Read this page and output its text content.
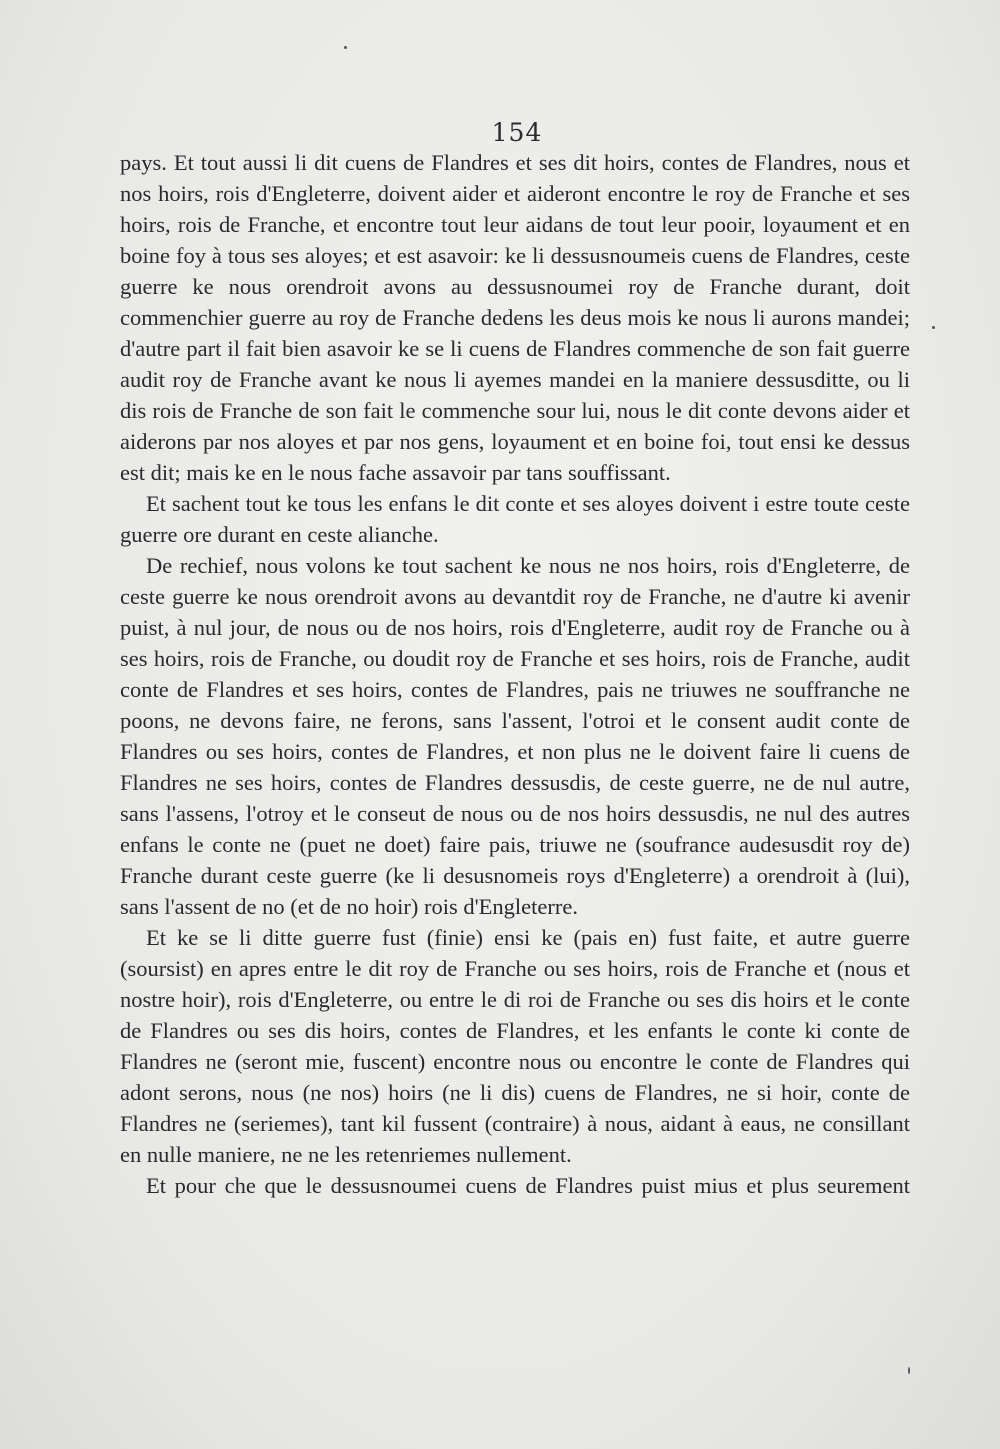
154

pays. Et tout aussi li dit cuens de Flandres et ses dit hoirs, contes de Flandres, nous et nos hoirs, rois d'Engleterre, doivent aider et aideront encontre le roy de Franche et ses hoirs, rois de Franche, et encontre tout leur aidans de tout leur pooir, loyaument et en boine foy à tous ses aloyes; et est asavoir: ke li dessusnoumeis cuens de Flandres, ceste guerre ke nous orendroit avons au dessusnoumei roy de Franche durant, doit commenchier guerre au roy de Franche dedens les deus mois ke nous li aurons mandei; d'autre part il fait bien asavoir ke se li cuens de Flandres commenche de son fait guerre audit roy de Franche avant ke nous li ayemes mandei en la maniere dessusditte, ou li dis rois de Franche de son fait le commenche sour lui, nous le dit conte devons aider et aiderons par nos aloyes et par nos gens, loyaument et en boine foi, tout ensi ke dessus est dit; mais ke en le nous fache assavoir par tans souffissant.

Et sachent tout ke tous les enfans le dit conte et ses aloyes doivent i estre toute ceste guerre ore durant en ceste alianche.

De rechief, nous volons ke tout sachent ke nous ne nos hoirs, rois d'Engleterre, de ceste guerre ke nous orendroit avons au devantdit roy de Franche, ne d'autre ki avenir puist, à nul jour, de nous ou de nos hoirs, rois d'Engleterre, audit roy de Franche ou à ses hoirs, rois de Franche, ou doudit roy de Franche et ses hoirs, rois de Franche, audit conte de Flandres et ses hoirs, contes de Flandres, pais ne triuwes ne souffranche ne poons, ne devons faire, ne ferons, sans l'assent, l'otroi et le consent audit conte de Flandres ou ses hoirs, contes de Flandres, et non plus ne le doivent faire li cuens de Flandres ne ses hoirs, contes de Flandres dessusdis, de ceste guerre, ne de nul autre, sans l'assens, l'otroy et le conseut de nous ou de nos hoirs dessusdis, ne nul des autres enfans le conte ne (puet ne doet) faire pais, triuwe ne (soufrance audesusdit roy de) Franche durant ceste guerre (ke li desusnomeis roys d'Engleterre) a orendroit à (lui), sans l'assent de no (et de no hoir) rois d'Engleterre.

Et ke se li ditte guerre fust (finie) ensi ke (pais en) fust faite, et autre guerre (soursist) en apres entre le dit roy de Franche ou ses hoirs, rois de Franche et (nous et nostre hoir), rois d'Engleterre, ou entre le di roi de Franche ou ses dis hoirs et le conte de Flandres ou ses dis hoirs, contes de Flandres, et les enfants le conte ki conte de Flandres ne (seront mie, fuscent) encontre nous ou encontre le conte de Flandres qui adont serons, nous (ne nos) hoirs (ne li dis) cuens de Flandres, ne si hoir, conte de Flandres ne (seriemes), tant kil fussent (contraire) à nous, aidant à eaus, ne consillant en nulle maniere, ne ne les retenriemes nullement.

Et pour che que le dessusnoumei cuens de Flandres puist mius et plus seurement
